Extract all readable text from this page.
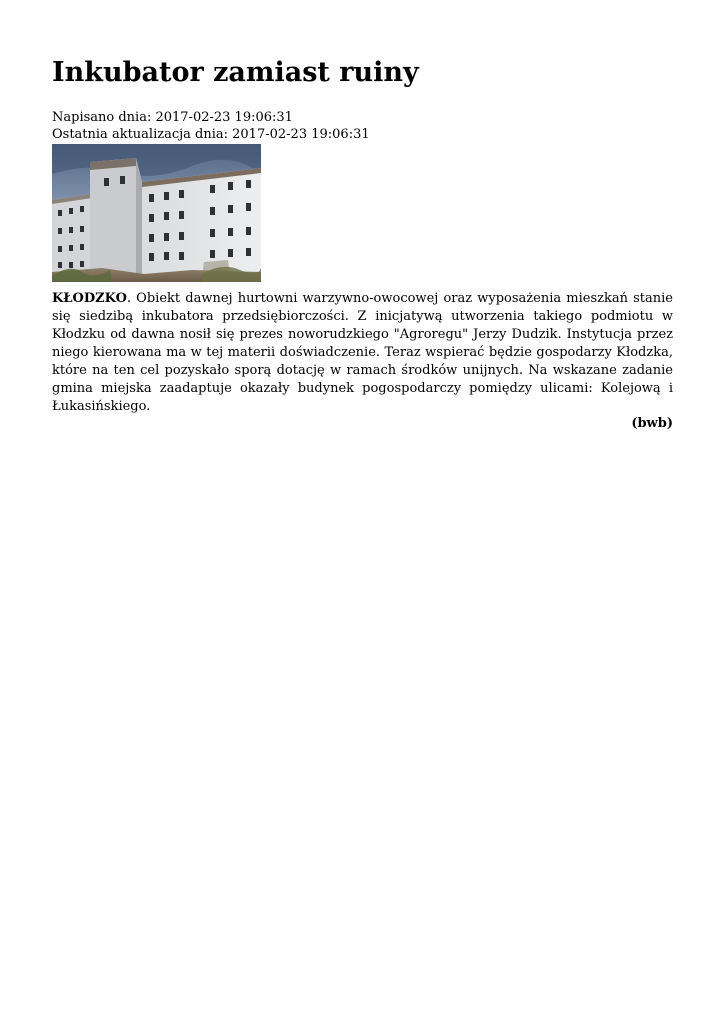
Inkubator zamiast ruiny
Napisano dnia: 2017-02-23 19:06:31
Ostatnia aktualizacja dnia: 2017-02-23 19:06:31

KŁODZKO. Obiekt dawnej hurtowni warzywno-owocowej oraz wyposażenia mieszkań stanie się siedzibą inkubatora przedsiębiorczości. Z inicjatywą utworzenia takiego podmiotu w Kłodzku od dawna nosił się prezes noworudzkiego "Agroregu" Jerzy Dudzik. Instytucja przez niego kierowana ma w tej materii doświadczenie. Teraz wspierać będzie gospodarzy Kłodzka, które na ten cel pozyskało sporą dotację w ramach środków unijnych. Na wskazane zadanie gmina miejska zaadaptuje okazały budynek pogospodarczy pomiędzy ulicami: Kolejową i Łukasińskiego.

(bwb)
